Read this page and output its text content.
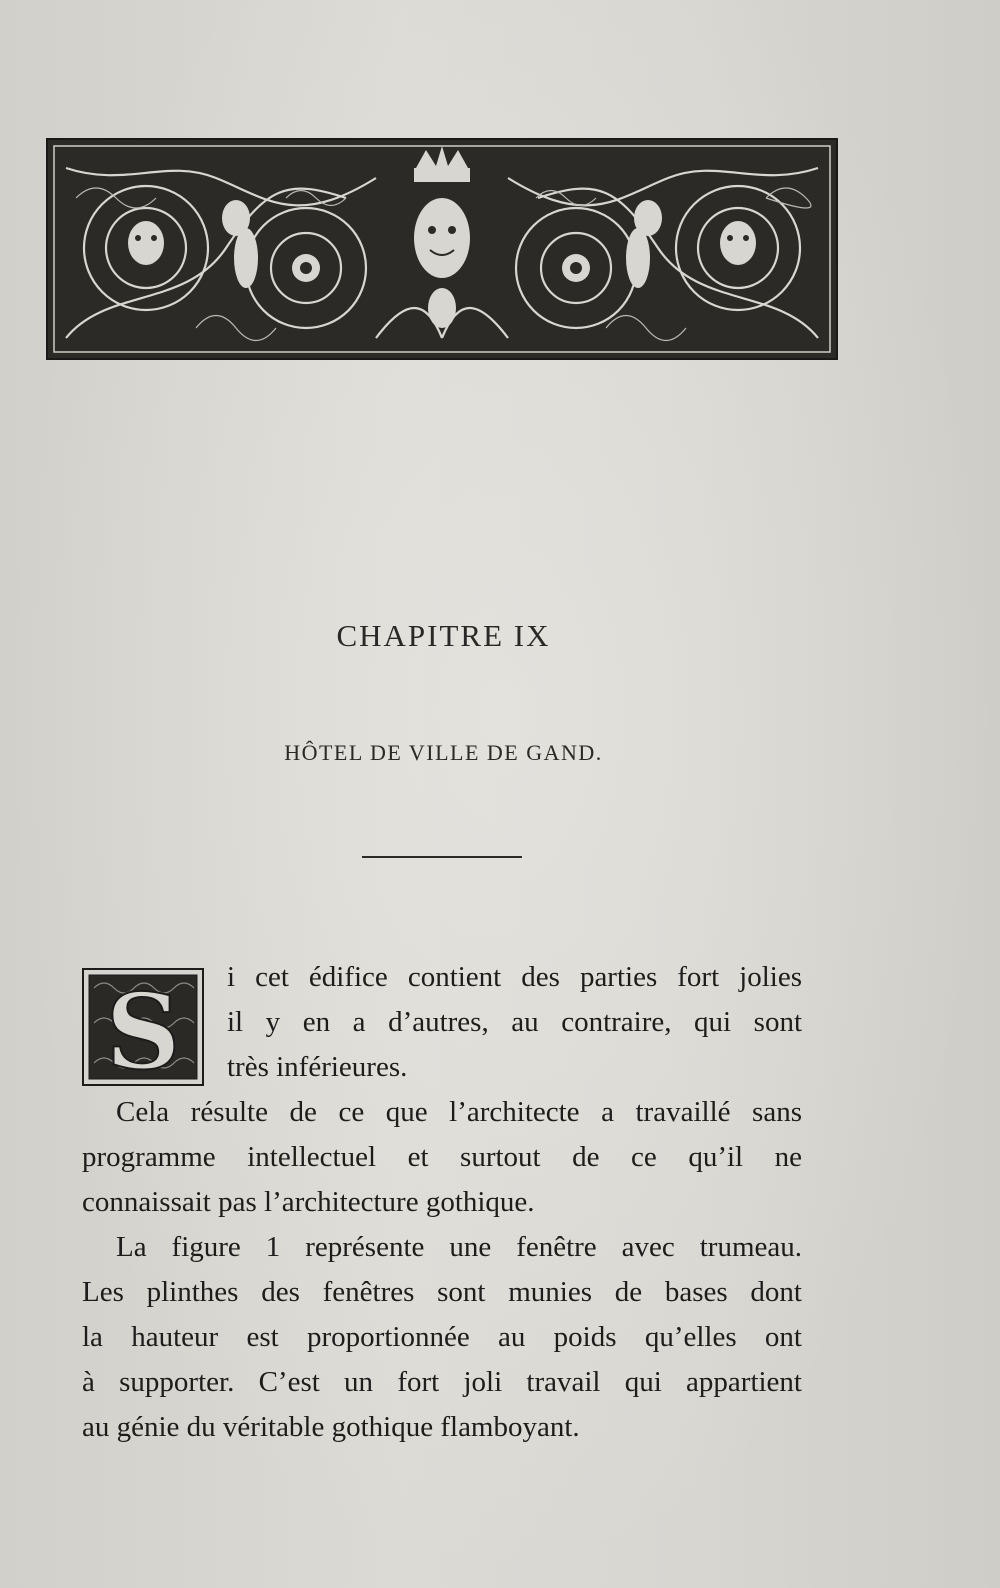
CHAPITRE IX
HÔTEL DE VILLE DE GAND.
S	i cet édifice contient des parties fort jolies
il y en a d’autres, au contraire, qui sont
très inférieures.
Cela résulte de ce que l’architecte a travaillé sans
programme intellectuel et surtout de ce qu’il ne
connaissait pas l’architecture gothique.
La figure 1 représente une fenêtre avec trumeau.
Les plinthes des fenêtres sont munies de bases dont
la hauteur est proportionnée au poids qu’elles ont
à supporter. C’est un fort joli travail qui appartient
au génie du véritable gothique flamboyant.
